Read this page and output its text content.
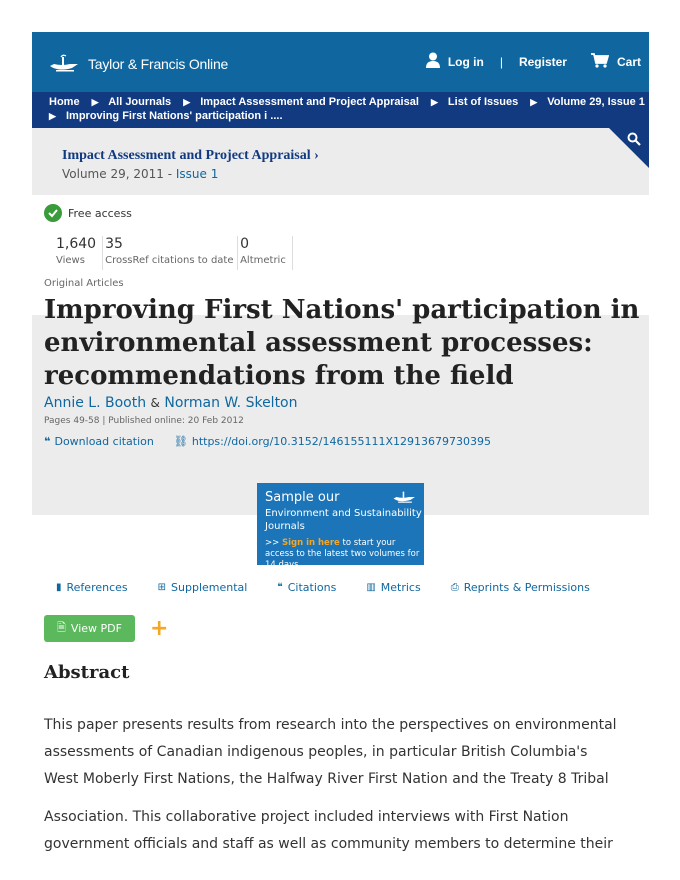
Taylor & Francis Online	Log in | Register	Cart
Home ▶ All Journals ▶ Impact Assessment and Project Appraisal ▶ List of Issues ▶ Volume 29, Issue 1
▶ Improving First Nations' participation i ....
Impact Assessment and Project Appraisal ›
Volume 29, 2011 - Issue 1
Free access
1,640
Views
35
CrossRef citations to date
0
Altmetric
Original Articles
Improving First Nations' participation in environmental assessment processes: recommendations from the field
Annie L. Booth & Norman W. Skelton
Pages 49-58 | Published online: 20 Feb 2012
❝ Download citation ⛓ https://doi.org/10.3152/146155111X12913679730395
Sample our
Environment and Sustainability Journals
>> Sign in here to start your access to the latest two volumes for 14 days
▮ References	⊞ Supplemental	❝ Citations	▥ Metrics	⎙ Reprints & Permissions
🗎 View PDF +
Abstract
This paper presents results from research into the perspectives on environmental assessments of Canadian indigenous peoples, in particular British Columbia's West Moberly First Nations, the Halfway River First Nation and the Treaty 8 Tribal
Association. This collaborative project included interviews with First Nation government officials and staff as well as community members to determine their
